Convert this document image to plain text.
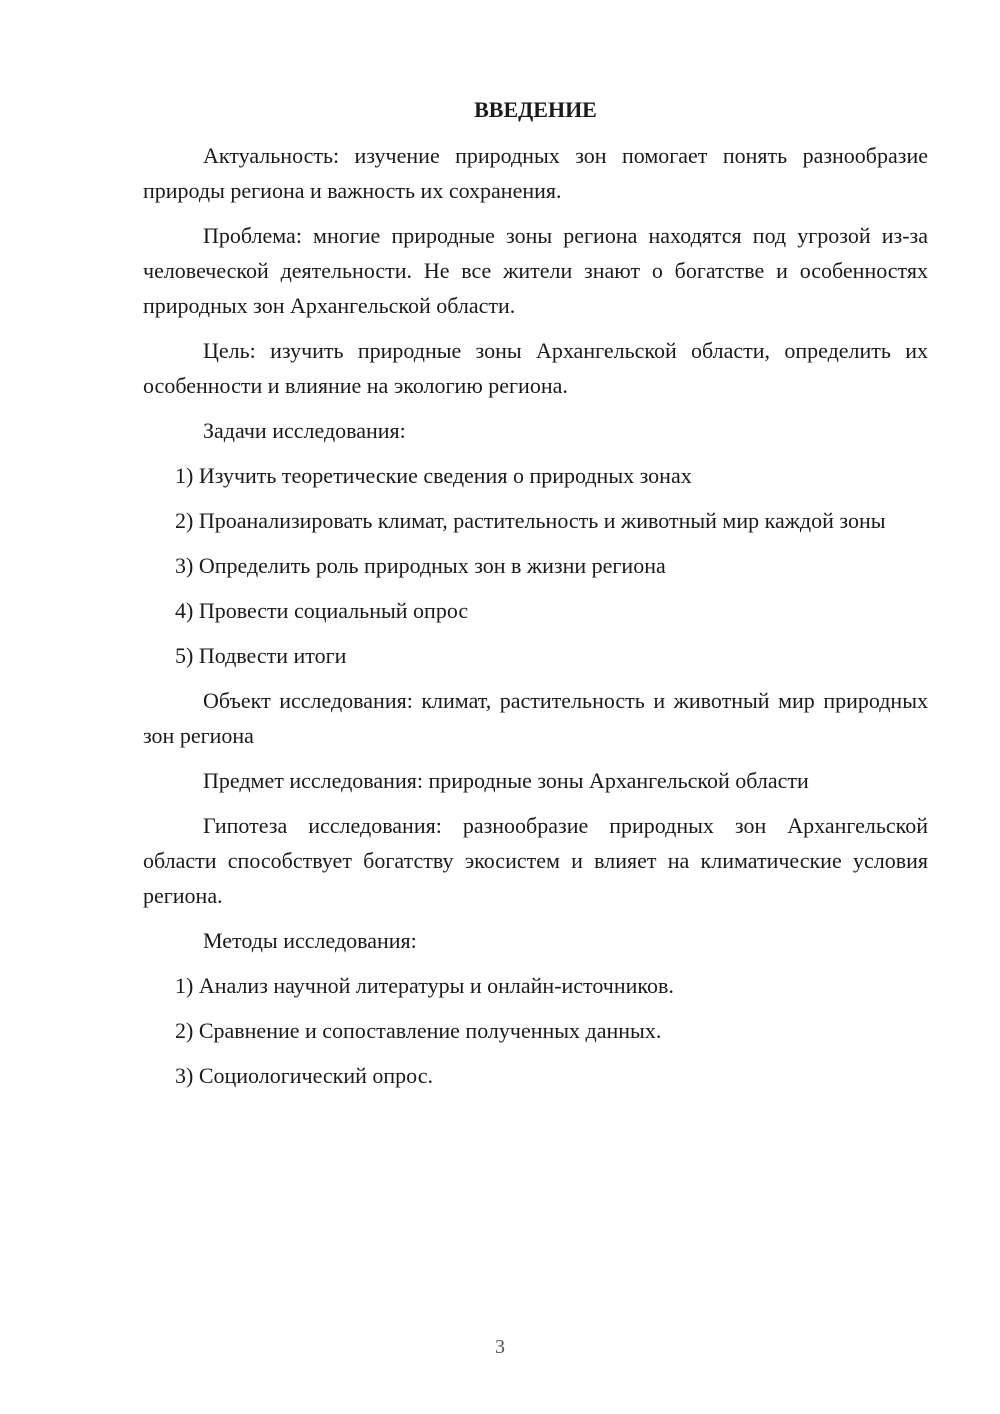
ВВЕДЕНИЕ

Актуальность: изучение природных зон помогает понять разнообразие природы региона и важность их сохранения.

Проблема: многие природные зоны региона находятся под угрозой из-за человеческой деятельности. Не все жители знают о богатстве и особенностях природных зон Архангельской области.

Цель: изучить природные зоны Архангельской области, определить их особенности и влияние на экологию региона.

Задачи исследования:

1) Изучить теоретические сведения о природных зонах

2) Проанализировать климат, растительность и животный мир каждой зоны

3) Определить роль природных зон в жизни региона

4) Провести социальный опрос

5) Подвести итоги

Объект исследования: климат, растительность и животный мир природных зон региона

Предмет исследования: природные зоны Архангельской области

Гипотеза исследования: разнообразие природных зон Архангельской области способствует богатству экосистем и влияет на климатические условия региона.

Методы исследования:

1) Анализ научной литературы и онлайн-источников.

2) Сравнение и сопоставление полученных данных.

3) Социологический опрос.

3
